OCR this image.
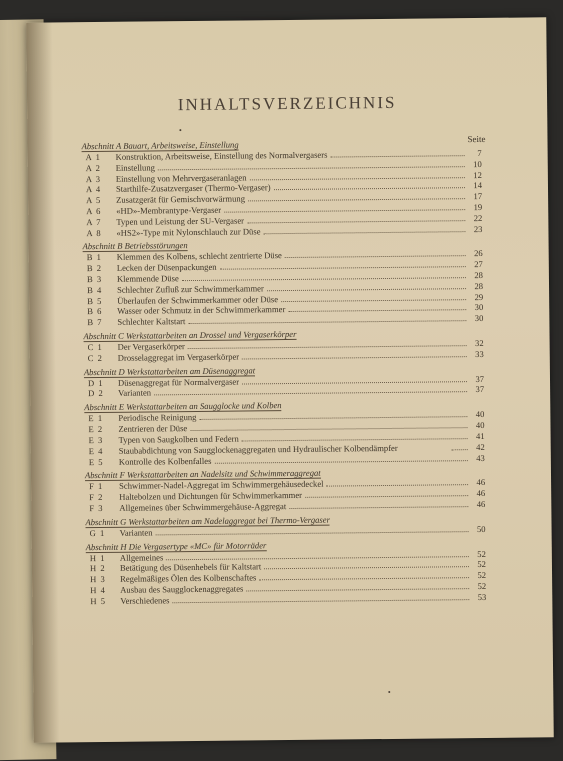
INHALTSVERZEICHNIS
Seite
Abschnitt A Bauart, Arbeitsweise, Einstellung
A 1	Konstruktion, Arbeitsweise, Einstellung des Normalvergasers	7
A 2	Einstellung	10
A 3	Einstellung von Mehrvergaseranlagen	12
A 4	Starthilfe-Zusatzvergaser (Thermo-Vergaser)	14
A 5	Zusatzgerät für Gemischvorwärmung	17
A 6	«HD»-Membrantype-Vergaser	19
A 7	Typen und Leistung der SU-Vergaser	22
A 8	«HS2»-Type mit Nylonschlauch zur Düse	23
Abschnitt B Betriebsstörungen
B 1	Klemmen des Kolbens, schlecht zentrierte Düse	26
B 2	Lecken der Düsenpackungen	27
B 3	Klemmende Düse	28
B 4	Schlechter Zufluß zur Schwimmerkammer	28
B 5	Überlaufen der Schwimmerkammer oder Düse	29
B 6	Wasser oder Schmutz in der Schwimmerkammer	30
B 7	Schlechter Kaltstart	30
Abschnitt C Werkstattarbeiten an Drossel und Vergaserkörper
C 1	Der Vergaserkörper	32
C 2	Drosselaggregat im Vergaserkörper	33
Abschnitt D Werkstattarbeiten am Düsenaggregat
D 1	Düsenaggregat für Normalvergaser	37
D 2	Varianten	37
Abschnitt E Werkstattarbeiten an Saugglocke und Kolben
E 1	Periodische Reinigung	40
E 2	Zentrieren der Düse	40
E 3	Typen von Saugkolben und Federn	41
E 4	Staubabdichtung von Saugglockenaggregaten und Hydraulischer Kolbendämpfer	42
E 5	Kontrolle des Kolbenfalles	43
Abschnitt F Werkstattarbeiten an Nadelsitz und Schwimmeraggregat
F 1	Schwimmer-Nadel-Aggregat im Schwimmergehäusedeckel	46
F 2	Haltebolzen und Dichtungen für Schwimmerkammer	46
F 3	Allgemeines über Schwimmergehäuse-Aggregat	46
Abschnitt G Werkstattarbeiten am Nadelaggregat bei Thermo-Vergaser
G 1	Varianten	50
Abschnitt H Die Vergasertype «MC» für Motorräder
H 1	Allgemeines	52
H 2	Betätigung des Düsenhebels für Kaltstart	52
H 3	Regelmäßiges Ölen des Kolbenschaftes	52
H 4	Ausbau des Saugglockenaggregates	52
H 5	Verschiedenes	53
